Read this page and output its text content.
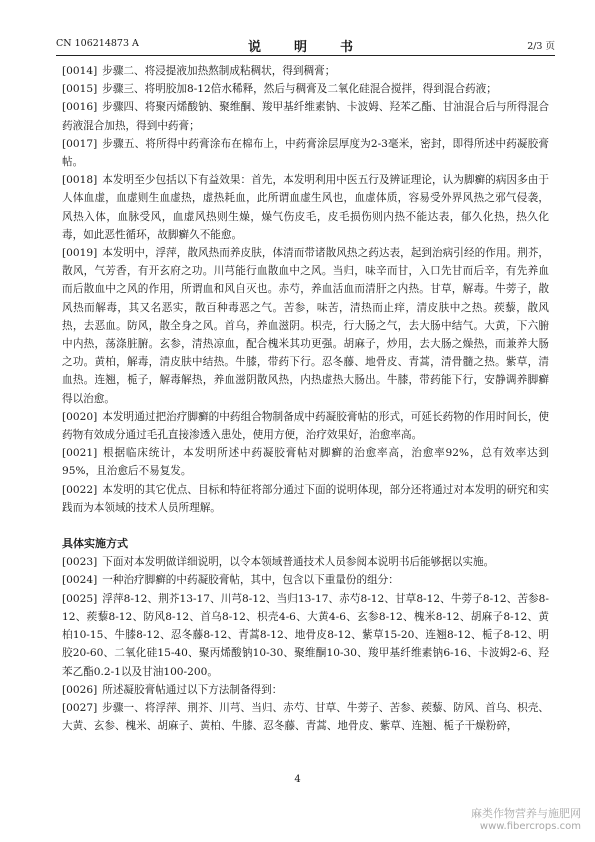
CN 106214873 A	说　明　书	2/3 页

[0014] 步骤二、将浸提液加热熬制成粘稠状，得到稠膏；

[0015] 步骤三、将明胶加8-12倍水稀释，然后与稠膏及二氧化硅混合搅拌，得到混合药液；

[0016] 步骤四、将聚丙烯酸钠、聚维酮、羧甲基纤维素钠、卡波姆、羟苯乙酯、甘油混合后与所得混合药液混合加热，得到中药膏；

[0017] 步骤五、将所得中药膏涂布在棉布上，中药膏涂层厚度为2-3毫米，密封，即得所述中药凝胶膏帖。

[0018] 本发明至少包括以下有益效果：首先，本发明利用中医五行及辨证理论，认为脚癣的病因多由于人体血虚，血虚则生血虚热，虚热耗血，此所谓血虚生风也，血虚体质，容易受外界风热之邪气侵袭，风热入体，血脉受风，血虚风热则生燥，燥气伤皮毛，皮毛损伤则内热不能达表，郁久化热，热久化毒，如此恶性循环，故脚癣久不能愈。

[0019] 本发明中，浮萍，散风热而养皮肤，体清而带诸散风热之药达表，起到治病引经的作用。荆芥，散风，气芳香，有开玄府之功。川芎能行血散血中之风。当归，味辛而甘，入口先甘而后辛，有先养血而后散血中之风的作用，所谓血和风自灭也。赤芍，养血活血而清肝之内热。甘草，解毒。牛蒡子，散风热而解毒，其又名恶实，散百种毒恶之气。苦参，味苦，清热而止痒，清皮肤中之热。蒺藜，散风热，去恶血。防风，散全身之风。首乌，养血滋阴。枳壳，行大肠之气，去大肠中结气。大黄，下六腑中内热，荡涤脏腑。玄参，清热凉血，配合槐米其功更强。胡麻子，炒用，去大肠之燥热，而兼养大肠之功。黄柏，解毒，清皮肤中结热。牛膝，带药下行。忍冬藤、地骨皮、青蒿，清骨髓之热。紫草，清血热。连翘，栀子，解毒解热，养血滋阴散风热，内热虚热大肠出。牛膝，带药能下行，安静调养脚癣得以治愈。

[0020] 本发明通过把治疗脚癣的中药组合物制备成中药凝胶膏帖的形式，可延长药物的作用时间长，使药物有效成分通过毛孔直接渗透入患处，使用方便，治疗效果好，治愈率高。

[0021] 根据临床统计，本发明所述中药凝胶膏帖对脚癣的治愈率高，治愈率92%，总有效率达到95%，且治愈后不易复发。

[0022] 本发明的其它优点、目标和特征将部分通过下面的说明体现，部分还将通过对本发明的研究和实践而为本领域的技术人员所理解。

具体实施方式

[0023] 下面对本发明做详细说明，以令本领域普通技术人员参阅本说明书后能够据以实施。

[0024] 一种治疗脚癣的中药凝胶膏帖，其中，包含以下重量份的组分：

[0025] 浮萍8-12、荆芥13-17、川芎8-12、当归13-17、赤芍8-12、甘草8-12、牛蒡子8-12、苦参8-12、蒺藜8-12、防风8-12、首乌8-12、枳壳4-6、大黄4-6、玄参8-12、槐米8-12、胡麻子8-12、黄柏10-15、牛膝8-12、忍冬藤8-12、青蒿8-12、地骨皮8-12、紫草15-20、连翘8-12、栀子8-12、明胶20-60、二氧化硅15-40、聚丙烯酸钠10-30、聚维酮10-30、羧甲基纤维素钠6-16、卡波姆2-6、羟苯乙酯0.2-1以及甘油100-200。

[0026] 所述凝胶膏帖通过以下方法制备得到：

[0027] 步骤一、将浮萍、荆芥、川芎、当归、赤芍、甘草、牛蒡子、苦参、蒺藜、防风、首乌、枳壳、大黄、玄参、槐米、胡麻子、黄柏、牛膝、忍冬藤、青蒿、地骨皮、紫草、连翘、栀子干燥粉碎，

4
麻类作物营养与施肥网
www.fibercrops.com
